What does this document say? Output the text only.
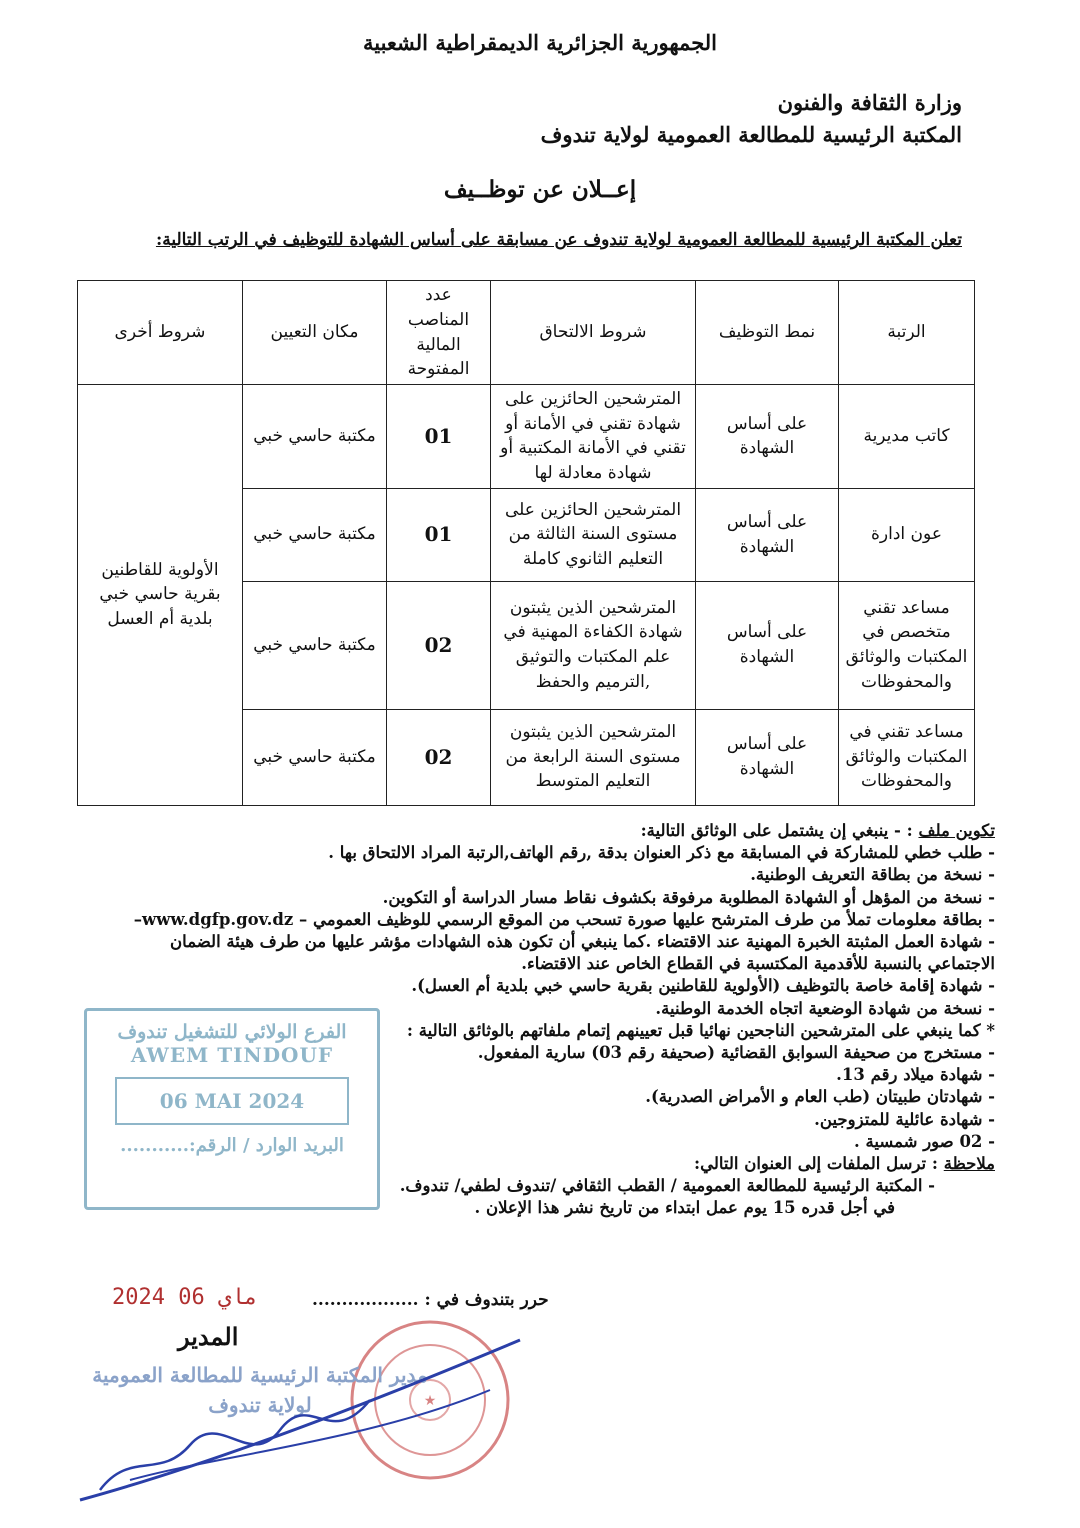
الجمهورية الجزائرية الديمقراطية الشعبية
وزارة الثقافة والفنون
المكتبة الرئيسية للمطالعة العمومية لولاية تندوف
إعــلان عن توظــيف
تعلن المكتبة الرئيسية للمطالعة العمومية لولاية تندوف عن مسابقة على أساس الشهادة للتوظيف في الرتب التالية:
الرتبة	نمط التوظيف	شروط الالتحاق	عدد المناصب المالية المفتوحة	مكان التعيين	شروط أخرى
كاتب مديرية	على أساس الشهادة	المترشحين الحائزين على شهادة تقني في الأمانة أو تقني في الأمانة المكتبية أو شهادة معادلة لها	01	مكتبة حاسي خبي	الأولوية للقاطنين بقرية حاسي خبي بلدية أم العسل
عون ادارة	على أساس الشهادة	المترشحين الحائزين على مستوى السنة الثالثة من التعليم الثانوي كاملة	01	مكتبة حاسي خبي	
مساعد تقني متخصص في المكتبات والوثائق والمحفوظات	على أساس الشهادة	المترشحين الذين يثبتون شهادة الكفاءة المهنية في علم المكتبات والتوثيق ,الترميم والحفظ	02	مكتبة حاسي خبي	
مساعد تقني في المكتبات والوثائق والمحفوظات	على أساس الشهادة	المترشحين الذين يثبتون مستوى السنة الرابعة من التعليم المتوسط	02	مكتبة حاسي خبي	
الفرع الولائي للتشغيل تندوف
AWEM TINDOUF
06 MAI 2024
البريد الوارد / الرقم:...........

تكوين ملف : - ينبغي إن يشتمل على الوثائق التالية:

- طلب خطي للمشاركة في المسابقة مع ذكر العنوان بدقة ,رقم الهاتف,الرتبة المراد الالتحاق بها .

- نسخة من بطاقة التعريف الوطنية.

- نسخة من المؤهل أو الشهادة المطلوبة مرفوقة بكشوف نقاط مسار الدراسة أو التكوين.

- بطاقة معلومات تملأ من طرف المترشح عليها صورة تسحب من الموقع الرسمي للوظيف العمومي – www.dgfp.gov.dz–

- شهادة العمل المثبتة الخبرة المهنية عند الاقتضاء .كما ينبغي أن تكون هذه الشهادات مؤشر عليها من طرف هيئة الضمان

الاجتماعي بالنسبة للأقدمية المكتسبة في القطاع الخاص عند الاقتضاء.

- شهادة إقامة خاصة بالتوظيف (الأولوية للقاطنين بقرية حاسي خبي بلدية أم العسل).

- نسخة من شهادة الوضعية اتجاه الخدمة الوطنية.

* كما ينبغي على المترشحين الناجحين نهائيا قبل تعيينهم إتمام ملفاتهم بالوثائق التالية :

- مستخرج من صحيفة السوابق القضائية (صحيفة رقم 03) سارية المفعول.

- شهادة ميلاد رقم 13.

- شهادتان طبيتان (طب العام و الأمراض الصدرية).

- شهادة عائلية للمتزوجين.

- 02 صور شمسية .

ملاحظة : ترسل الملفات إلى العنوان التالي:

- المكتبة الرئيسية للمطالعة العمومية / القطب الثقافي /تندوف لطفي/ تندوف.

في أجل قدره 15 يوم عمل ابتداء من تاريخ نشر هذا الإعلان .

2024 ماي 06	حرر بتندوف في : ..................
المدير
★
مدير المكتبة الرئيسية للمطالعة العمومية
لولاية تندوف
